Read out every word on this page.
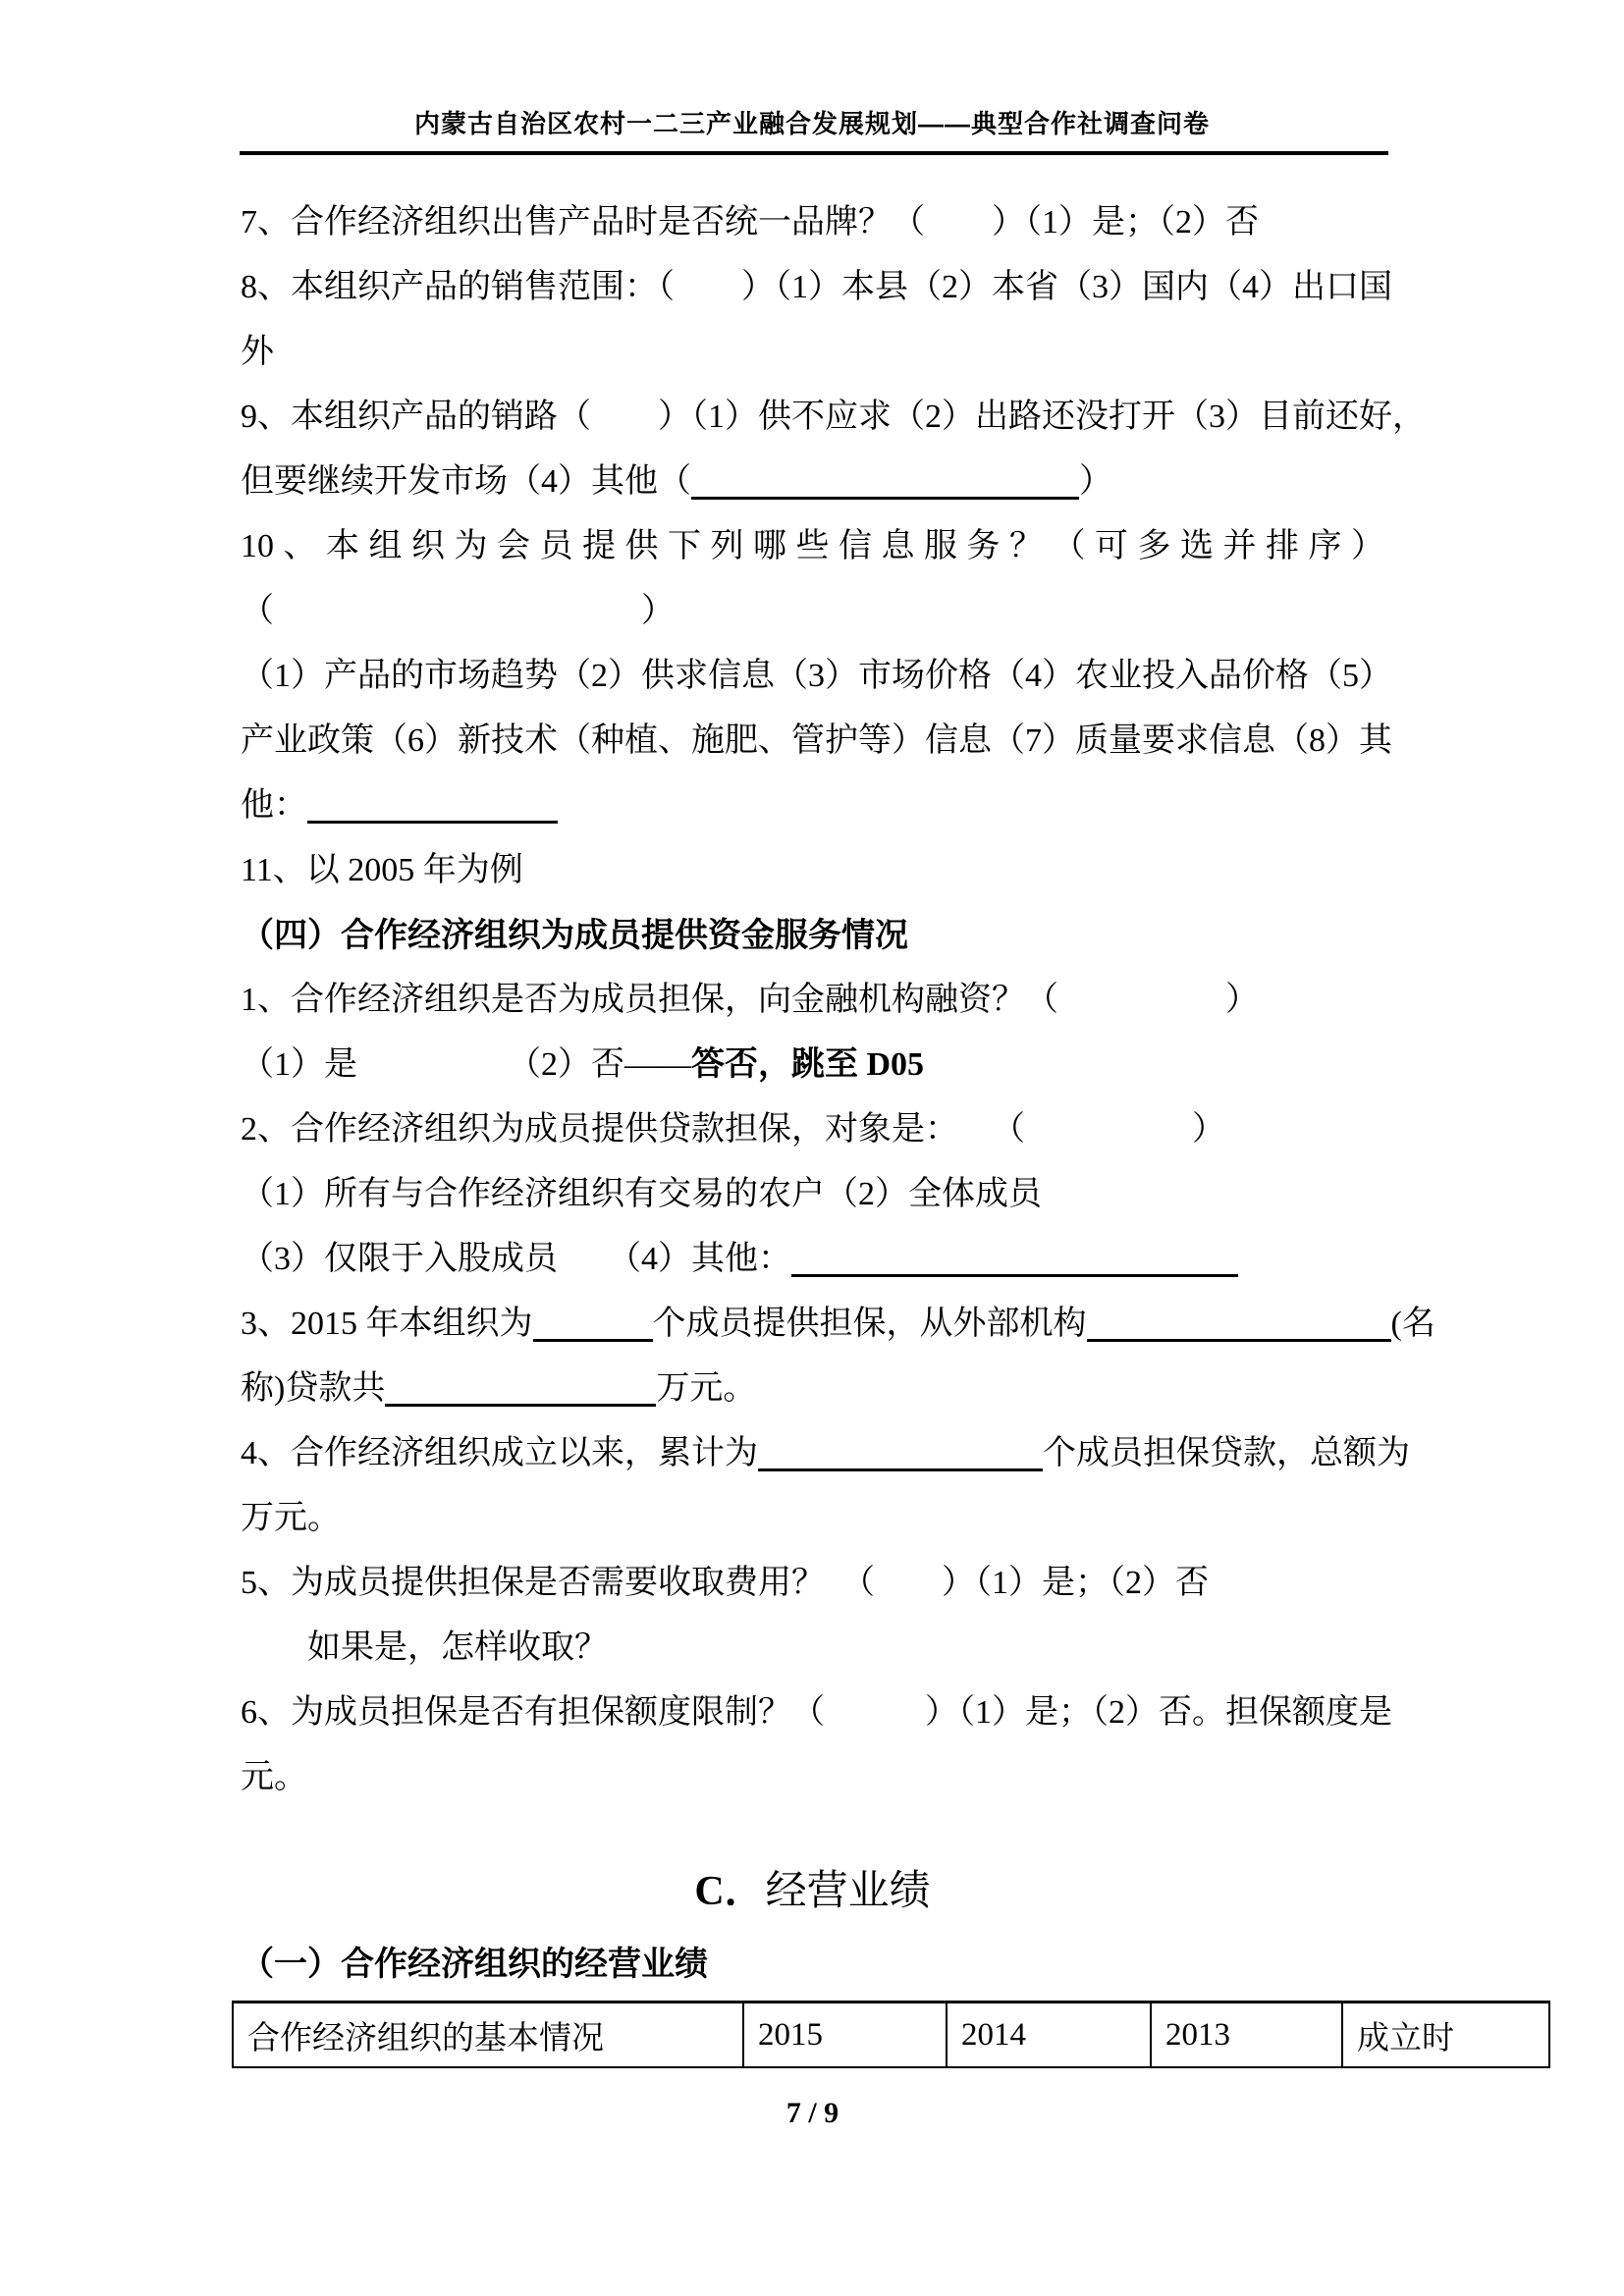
内蒙古自治区农村一二三产业融合发展规划——典型合作社调查问卷
7、合作经济组织出售产品时是否统一品牌？（　　）（1）是；（2）否
8、本组织产品的销售范围：（　　）（1）本县（2）本省（3）国内（4）出口国
外
9、本组织产品的销路（　　）（1）供不应求（2）出路还没打开（3）目前还好，
但要继续开发市场（4）其他（	）
10、本组织为会员提供下列哪些信息服务？（可多选并排序）
（　　　　　　　　　　　）
（1）产品的市场趋势（2）供求信息（3）市场价格（4）农业投入品价格（5）
产业政策（6）新技术（种植、施肥、管护等）信息（7）质量要求信息（8）其
他：
11、以 2005 年为例
（四）合作经济组织为成员提供资金服务情况
1、合作经济组织是否为成员担保，向金融机构融资？（　　　　　）
（1）是　　　　　（2）否——答否，跳至 D05
2、合作经济组织为成员提供贷款担保，对象是：　　（　　　　　）
（1）所有与合作经济组织有交易的农户（2）全体成员
（3）仅限于入股成员　　（4）其他：
3、2015 年本组织为	个成员提供担保，从外部机构	(名
称)贷款共	万元。
4、合作经济组织成立以来，累计为	个成员担保贷款，总额为
万元。
5、为成员提供担保是否需要收取费用？　（　　）（1）是；（2）否
　　如果是，怎样收取？
6、为成员担保是否有担保额度限制？（　　　）（1）是；（2）否。担保额度是
元。
C．经营业绩
（一）合作经济组织的经营业绩
合作经济组织的基本情况	2015	2014	2013	成立时
7 / 9
